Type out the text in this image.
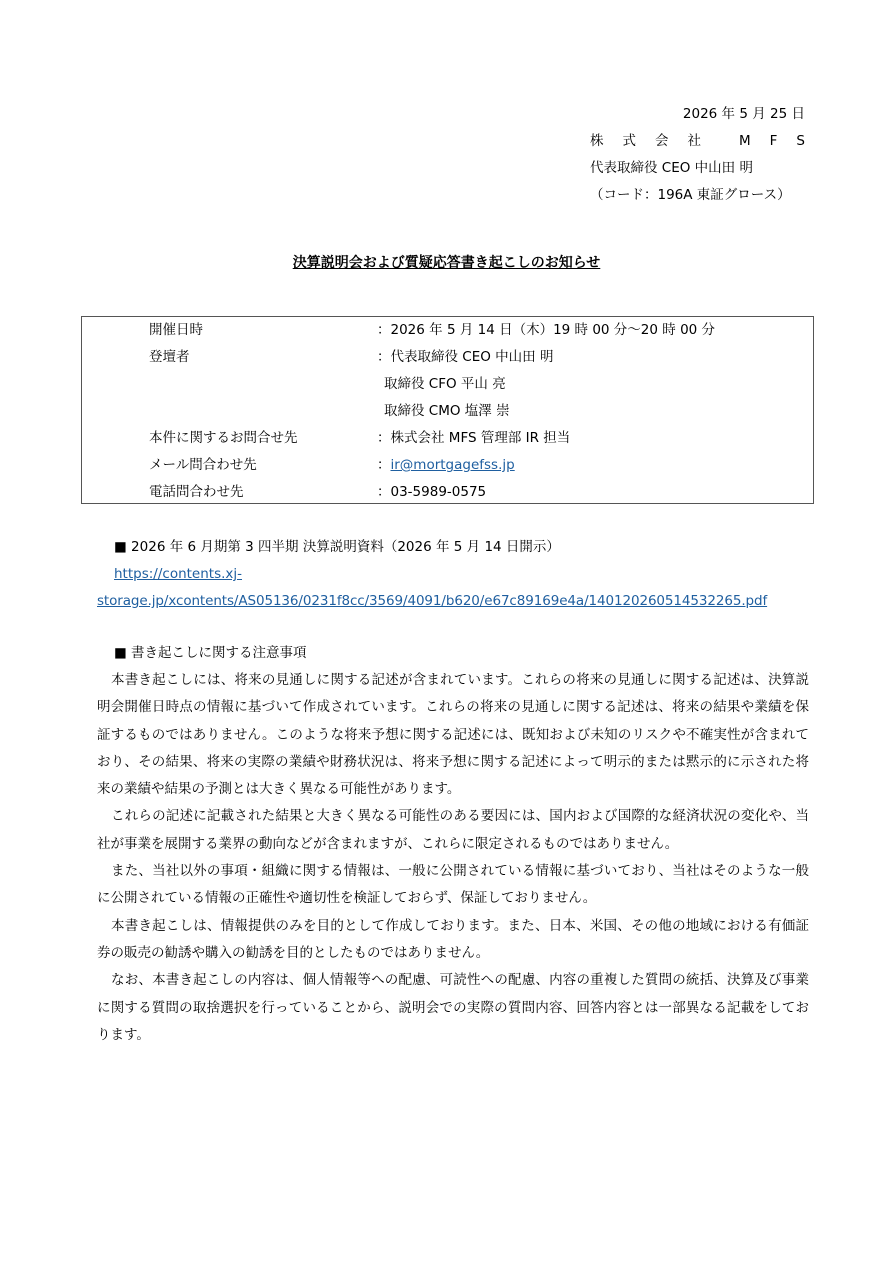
2026 年 5 月 25 日
株 式 会 社	M F S
代表取締役 CEO 中山田 明
（コード：196A 東証グロース）
決算説明会および質疑応答書き起こしのお知らせ
開催日時	：2026 年 5 月 14 日（木）19 時 00 分～20 時 00 分
登壇者	：代表取締役 CEO 中山田 明
取締役 CFO 平山 亮
取締役 CMO 塩澤 崇
本件に関するお問合せ先	：株式会社 MFS 管理部 IR 担当
メール問合わせ先	：ir@mortgagefss.jp
電話問合わせ先	：03-5989-0575
■ 2026 年 6 月期第 3 四半期 決算説明資料（2026 年 5 月 14 日開示）
https://contents.xj-
storage.jp/xcontents/AS05136/0231f8cc/3569/4091/b620/e67c89169e4a/140120260514532265.pdf
■ 書き起こしに関する注意事項

本書き起こしには、将来の見通しに関する記述が含まれています。これらの将来の見通しに関する記述は、決算説明会開催日時点の情報に基づいて作成されています。これらの将来の見通しに関する記述は、将来の結果や業績を保証するものではありません。このような将来予想に関する記述には、既知および未知のリスクや不確実性が含まれており、その結果、将来の実際の業績や財務状況は、将来予想に関する記述によって明示的または黙示的に示された将来の業績や結果の予測とは大きく異なる可能性があります。

これらの記述に記載された結果と大きく異なる可能性のある要因には、国内および国際的な経済状況の変化や、当社が事業を展開する業界の動向などが含まれますが、これらに限定されるものではありません。

また、当社以外の事項・組織に関する情報は、一般に公開されている情報に基づいており、当社はそのような一般に公開されている情報の正確性や適切性を検証しておらず、保証しておりません。

本書き起こしは、情報提供のみを目的として作成しております。また、日本、米国、その他の地域における有価証券の販売の勧誘や購入の勧誘を目的としたものではありません。

なお、本書き起こしの内容は、個人情報等への配慮、可読性への配慮、内容の重複した質問の統括、決算及び事業に関する質問の取捨選択を行っていることから、説明会での実際の質問内容、回答内容とは一部異なる記載をしております。
